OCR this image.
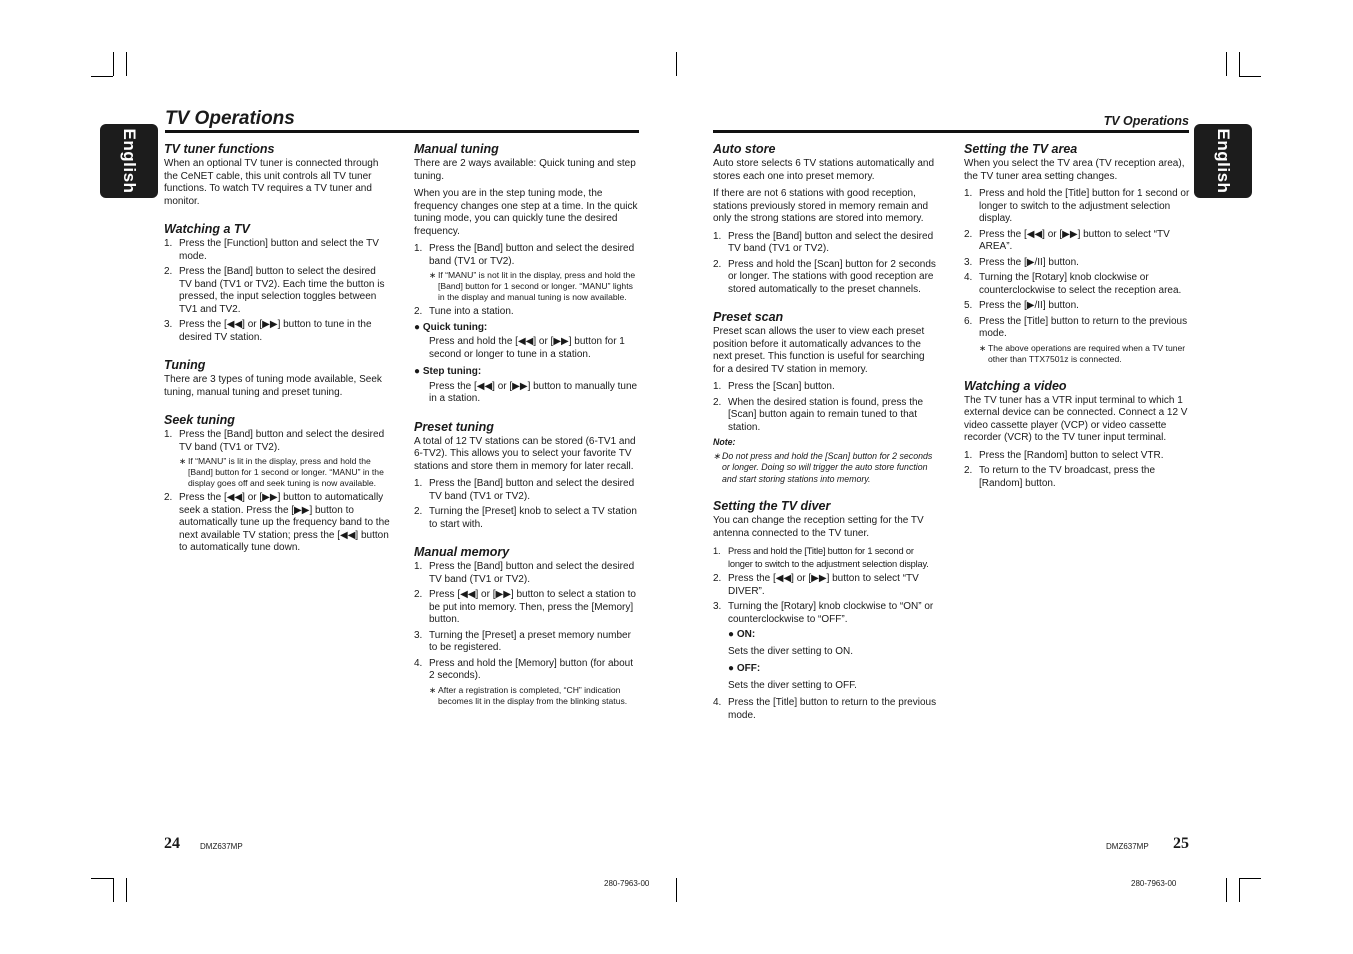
English	English
TV Operations	TV Operations
TV tuner functions

When an optional TV tuner is connected through the CeNET cable, this unit controls all TV tuner functions. To watch TV requires a TV tuner and monitor.

Watching a TV
1. Press the [Function] button and select the TV mode.
2. Press the [Band] button to select the desired TV band (TV1 or TV2). Each time the button is pressed, the input selection toggles between TV1 and TV2.
3. Press the [◀◀] or [▶▶] button to tune in the desired TV station.
Tuning

There are 3 types of tuning mode available, Seek tuning, manual tuning and preset tuning.

Seek tuning
1. Press the [Band] button and select the desired TV band (TV1 or TV2).
∗ If “MANU” is lit in the display, press and hold the [Band] button for 1 second or longer. “MANU” in the display goes off and seek tuning is now available.
2. Press the [◀◀] or [▶▶] button to automatically seek a station. Press the [▶▶] button to automatically tune up the frequency band to the next available TV station; press the [◀◀] button to automatically tune down.
Manual tuning

There are 2 ways available: Quick tuning and step tuning.

When you are in the step tuning mode, the frequency changes one step at a time. In the quick tuning mode, you can quickly tune the desired frequency.

1. Press the [Band] button and select the desired band (TV1 or TV2).
∗ If “MANU” is not lit in the display, press and hold the [Band] button for 1 second or longer. “MANU” lights in the display and manual tuning is now available.
2. Tune into a station.
● Quick tuning:

Press and hold the [◀◀] or [▶▶] button for 1 second or longer to tune in a station.

● Step tuning:

Press the [◀◀] or [▶▶] button to manually tune in a station.

Preset tuning

A total of 12 TV stations can be stored (6-TV1 and 6-TV2). This allows you to select your favorite TV stations and store them in memory for later recall.

1. Press the [Band] button and select the desired TV band (TV1 or TV2).
2. Turning the [Preset] knob to select a TV station to start with.
Manual memory
1. Press the [Band] button and select the desired TV band (TV1 or TV2).
2. Press [◀◀] or [▶▶] button to select a station to be put into memory. Then, press the [Memory] button.
3. Turning the [Preset] a preset memory number to be registered.
4. Press and hold the [Memory] button (for about 2 seconds).
∗ After a registration is completed, “CH” indication becomes lit in the display from the blinking status.
Auto store

Auto store selects 6 TV stations automatically and stores each one into preset memory.

If there are not 6 stations with good reception, stations previously stored in memory remain and only the strong stations are stored into memory.

1. Press the [Band] button and select the desired TV band (TV1 or TV2).
2. Press and hold the [Scan] button for 2 seconds or longer. The stations with good reception are stored automatically to the preset channels.
Preset scan

Preset scan allows the user to view each preset position before it automatically advances to the next preset. This function is useful for searching for a desired TV station in memory.

1. Press the [Scan] button.
2. When the desired station is found, press the [Scan] button again to remain tuned to that station.
Note:
∗ Do not press and hold the [Scan] button for 2 seconds or longer. Doing so will trigger the auto store function and start storing stations into memory.
Setting the TV diver

You can change the reception setting for the TV antenna connected to the TV tuner.

1. Press and hold the [Title] button for 1 second or longer to switch to the adjustment selection display.
2. Press the [◀◀] or [▶▶] button to select “TV DIVER”.
3. Turning the [Rotary] knob clockwise to “ON” or counterclockwise to “OFF”.
● ON:

Sets the diver setting to ON.

● OFF:

Sets the diver setting to OFF.

4. Press the [Title] button to return to the previous mode.
Setting the TV area

When you select the TV area (TV reception area), the TV tuner area setting changes.

1. Press and hold the [Title] button for 1 second or longer to switch to the adjustment selection display.
2. Press the [◀◀] or [▶▶] button to select “TV AREA”.
3. Press the [▶/II] button.
4. Turning the [Rotary] knob clockwise or counterclockwise to select the reception area.
5. Press the [▶/II] button.
6. Press the [Title] button to return to the previous mode.
∗ The above operations are required when a TV tuner other than TTX7501z is connected.
Watching a video

The TV tuner has a VTR input terminal to which 1 external device can be connected. Connect a 12 V video cassette player (VCP) or video cassette recorder (VCR) to the TV tuner input terminal.

1. Press the [Random] button to select VTR.
2. To return to the TV broadcast, press the [Random] button.
24	DMZ637MP
280-7963-00
DMZ637MP 25
280-7963-00
